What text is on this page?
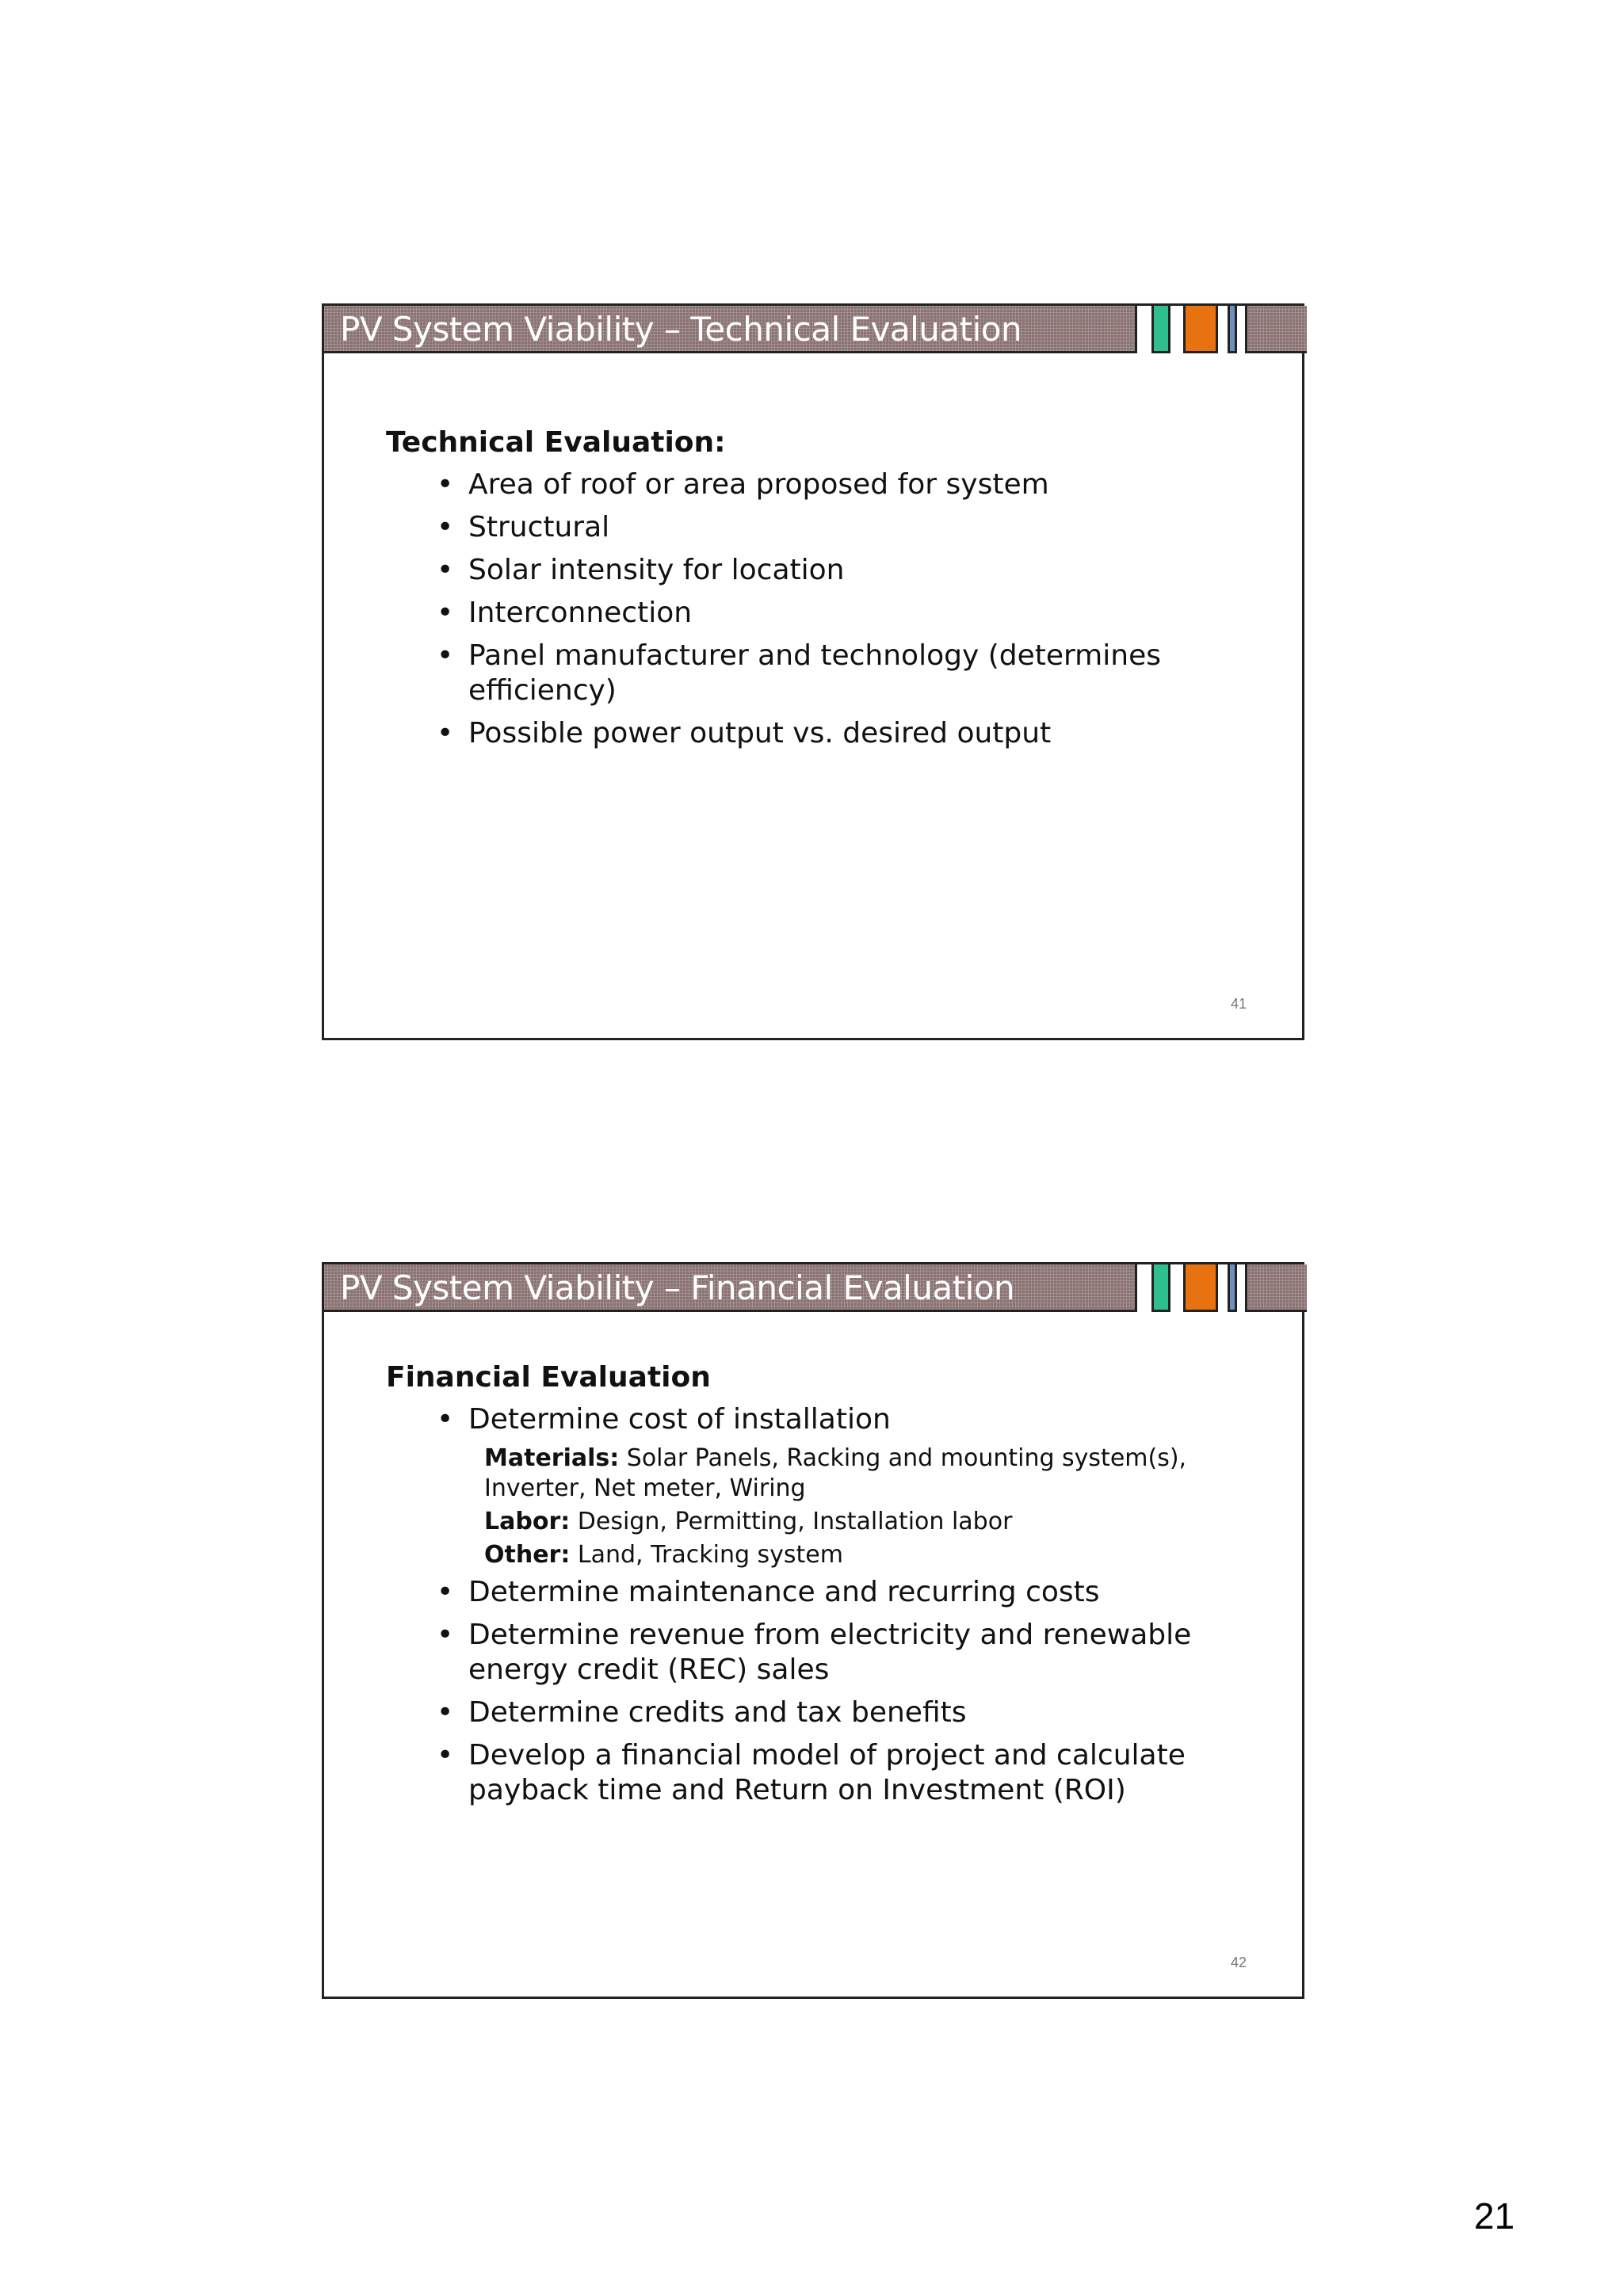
PV System Viability – Technical Evaluation
Technical Evaluation:
• Area of roof or area proposed for system
• Structural
• Solar intensity for location
• Interconnection
• Panel manufacturer and technology (determines efficiency)
• Possible power output vs. desired output
41
PV System Viability – Financial Evaluation
Financial Evaluation
• Determine cost of installation
Materials: Solar Panels, Racking and mounting system(s), Inverter, Net meter, Wiring
Labor: Design, Permitting, Installation labor
Other: Land, Tracking system
• Determine maintenance and recurring costs
• Determine revenue from electricity and renewable energy credit (REC) sales
• Determine credits and tax benefits
• Develop a financial model of project and calculate payback time and Return on Investment (ROI)
42
21
